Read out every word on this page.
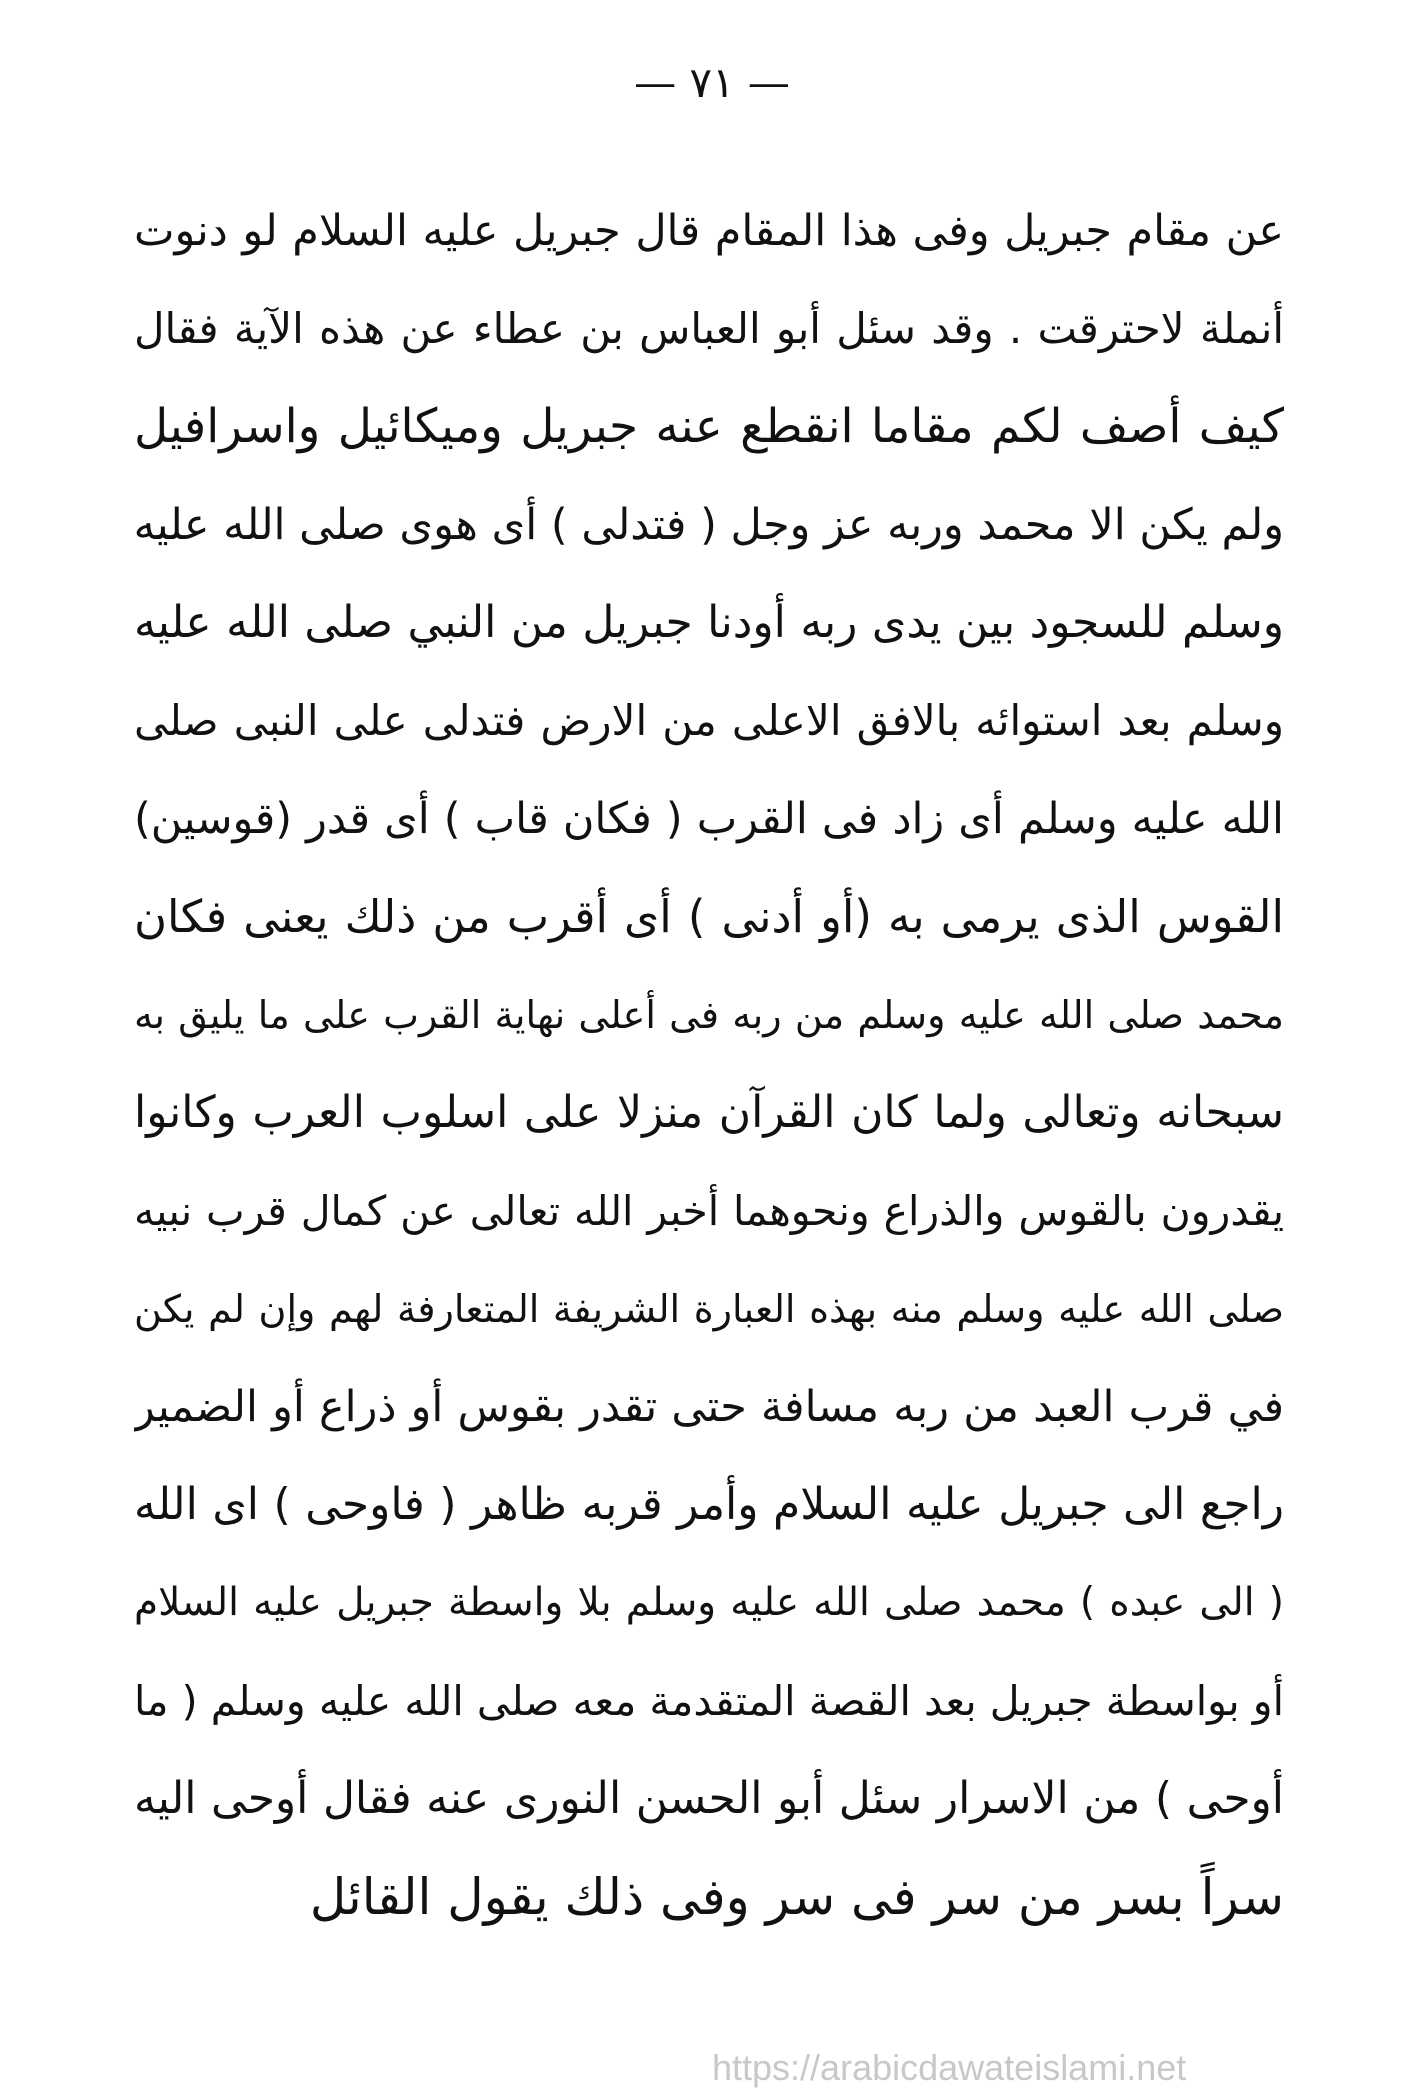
— ٧١ —
عن مقام جبريل وفى هذا المقام قال جبريل عليه السلام لو دنوت
أنملة لاحترقت . وقد سئل أبو العباس بن عطاء عن هذه الآية فقال
كيف أصف لكم مقاما انقطع عنه جبريل وميكائيل واسرافيل
ولم يكن الا محمد وربه عز وجل ( فتدلى ) أى هوى صلى الله عليه
وسلم للسجود بين يدى ربه أودنا جبريل من النبي صلى الله عليه
وسلم بعد استوائه بالافق الاعلى من الارض فتدلى على النبى صلى
الله عليه وسلم أى زاد فى القرب ( فكان قاب ) أى قدر (قوسين)
القوس الذى يرمى به (أو أدنى ) أى أقرب من ذلك يعنى فكان
محمد صلى الله عليه وسلم من ربه فى أعلى نهاية القرب على ما يليق به
سبحانه وتعالى ولما كان القرآن منزلا على اسلوب العرب وكانوا
يقدرون بالقوس والذراع ونحوهما أخبر الله تعالى عن كمال قرب نبيه
صلى الله عليه وسلم منه بهذه العبارة الشريفة المتعارفة لهم وإن لم يكن
في قرب العبد من ربه مسافة حتى تقدر بقوس أو ذراع أو الضمير
راجع الى جبريل عليه السلام وأمر قربه ظاهر ( فاوحى ) اى الله
( الى عبده ) محمد صلى الله عليه وسلم بلا واسطة جبريل عليه السلام
أو بواسطة جبريل بعد القصة المتقدمة معه صلى الله عليه وسلم ( ما
أوحى ) من الاسرار سئل أبو الحسن النورى عنه فقال أوحى اليه
سراً بسر من سر فى سر وفى ذلك يقول القائل
https://arabicdawateislami.net
